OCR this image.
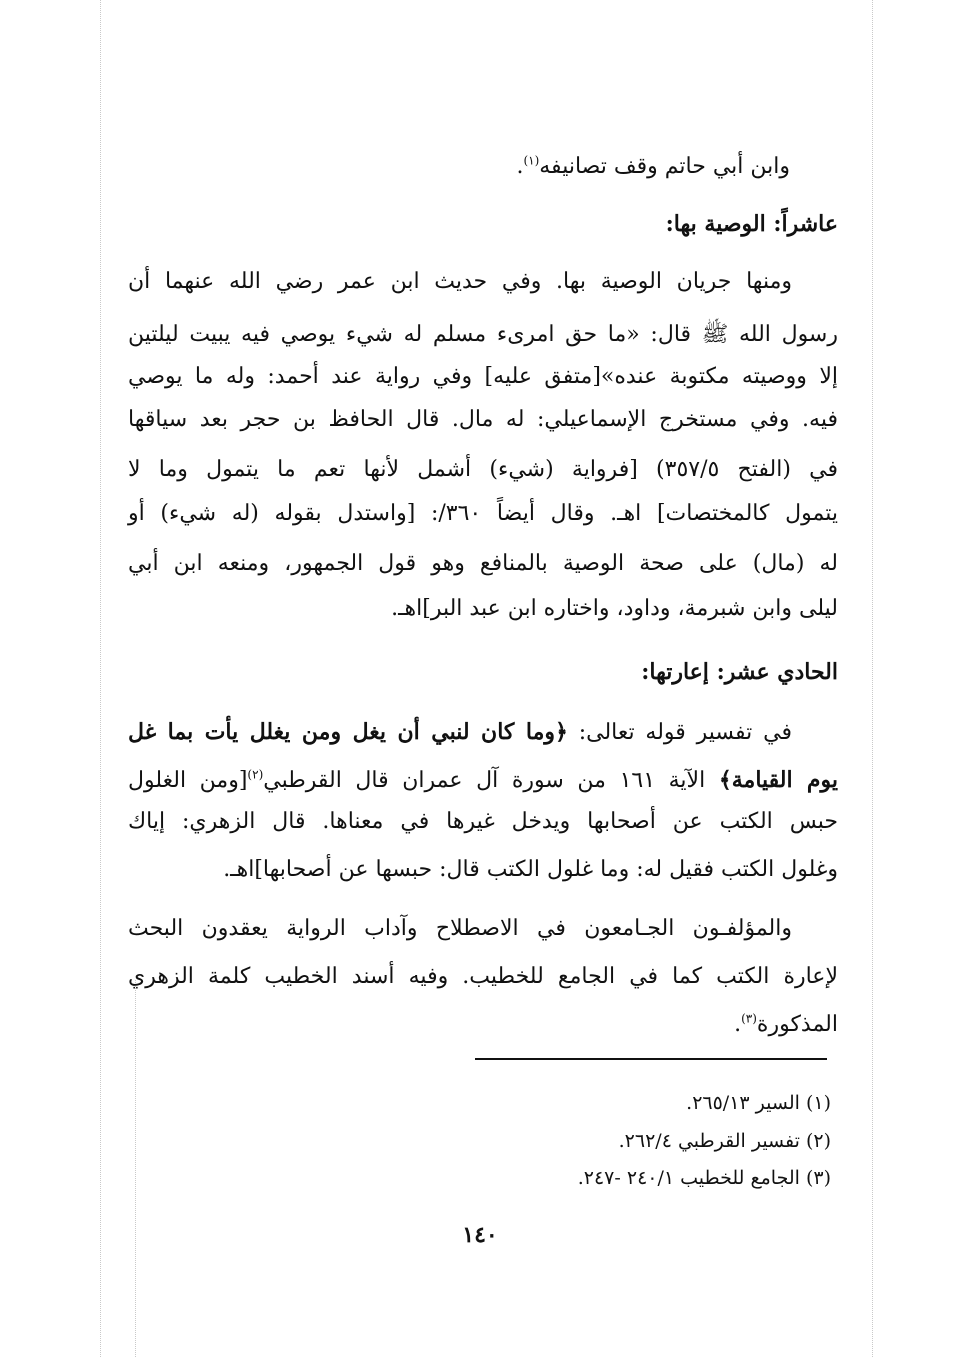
وابن أبي حاتم وقف تصانيفه$^{(١)}$.
عاشراً: الوصية بها:
ومنها جريان الوصية بها. وفي حديث ابن عمر رضي الله عنهما أن
رسول الله ﷺ قال: «ما حق امرىء مسلم له شيء يوصي فيه يبيت ليلتين
إلا ووصيته مكتوبة عنده»[متفق عليه] وفي رواية عند أحمد: وله ما يوصي
فيه. وفي مستخرج الإسماعيلي: له مال. قال الحافظ بن حجر بعد سياقها
في (الفتح ٣٥٧/٥) [فرواية (شيء) أشمل لأنها تعم ما يتمول وما لا
يتمول كالمختصات] اهـ. وقال أيضاً ٣٦٠/: [واستدل بقوله (له شيء) أو
له (مال) على صحة الوصية بالمنافع وهو قول الجمهور، ومنعه ابن أبي
ليلى وابن شبرمة، وداود، واختاره ابن عبد البر]اهـ.
الحادي عشر: إعارتها:
في تفسير قوله تعالى: ﴿وما كان لنبي أن يغل ومن يغلل يأت بما غل
يوم القيامة﴾ الآية ١٦١ من سورة آل عمران قال القرطبي$^{(٢)}$[ومن الغلول
حبس الكتب عن أصحابها ويدخل غيرها في معناها. قال الزهري: إياك
وغلول الكتب فقيل له: وما غلول الكتب قال: حبسها عن أصحابها]اهـ.
والمؤلفـون الجـامعون في الاصطلاح وآداب الرواية يعقدون البحث
لإعارة الكتب كما في الجامع للخطيب. وفيه أسند الخطيب كلمة الزهري
المذكورة$^{(٣)}$.
(١) السير ٢٦٥/١٣.
(٢) تفسير القرطبي ٢٦٢/٤.
(٣) الجامع للخطيب ٢٤٠/١ -٢٤٧.
١٤٠
